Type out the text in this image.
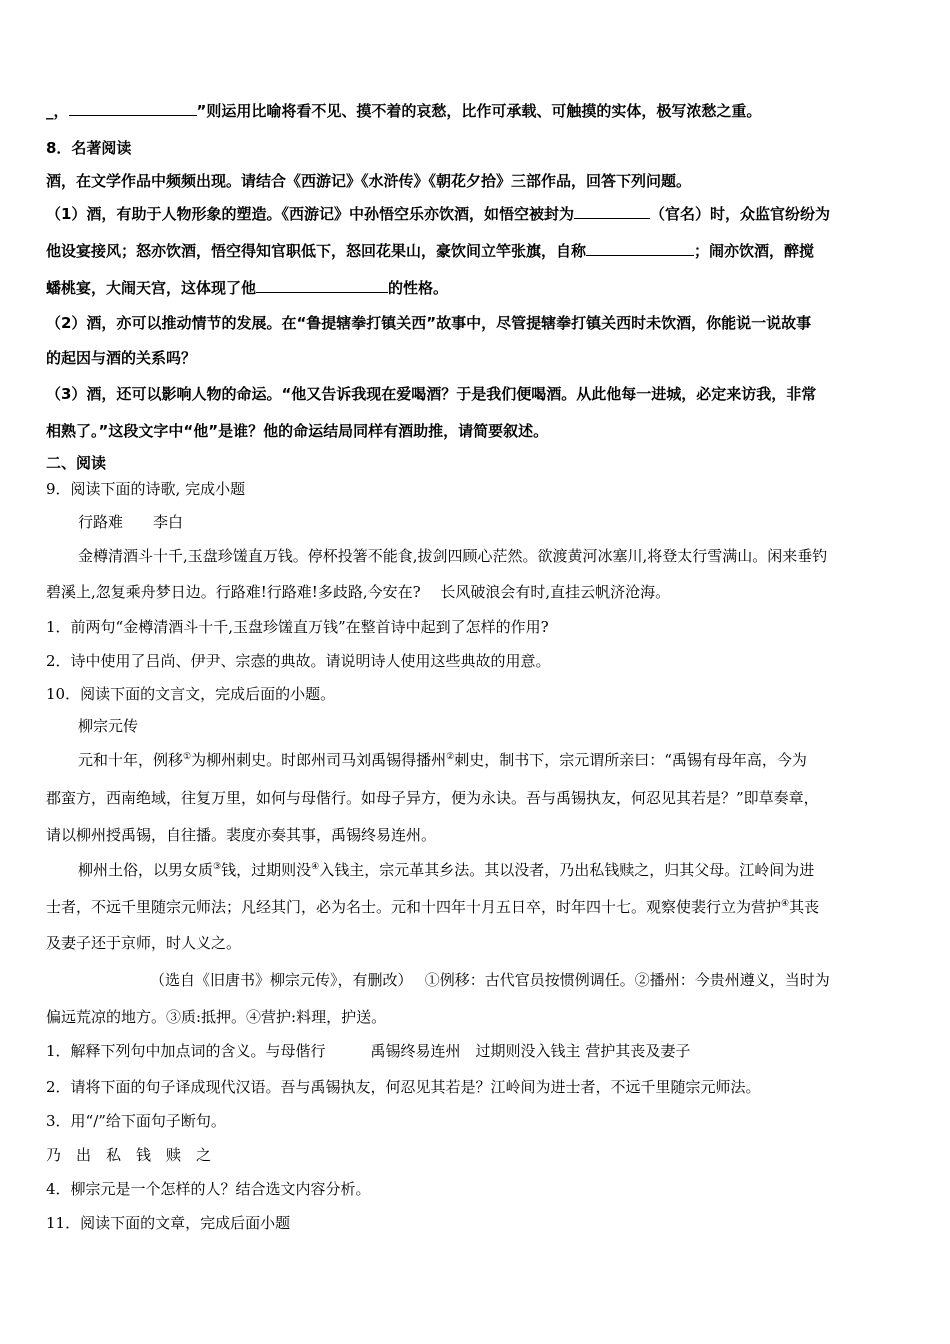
_，	”则运用比喻将看不见、摸不着的哀愁，比作可承载、可触摸的实体，极写浓愁之重。
8．名著阅读
酒，在文学作品中频频出现。请结合《西游记》《水浒传》《朝花夕拾》三部作品，回答下列问题。
（1）酒，有助于人物形象的塑造。《西游记》中孙悟空乐亦饮酒，如悟空被封为	（官名）时，众监官纷纷为
他设宴接风；怒亦饮酒，悟空得知官职低下，怒回花果山，豪饮间立竿张旗，自称	；闹亦饮酒，醉搅
蟠桃宴，大闹天宫，这体现了他	的性格。
（2）酒，亦可以推动情节的发展。在“鲁提辖拳打镇关西”故事中，尽管提辖拳打镇关西时未饮酒，你能说一说故事
的起因与酒的关系吗？
（3）酒，还可以影响人物的命运。“他又告诉我现在爱喝酒？于是我们便喝酒。从此他每一进城，必定来访我，非常
相熟了。”这段文字中“他”是谁？他的命运结局同样有酒助推，请简要叙述。
二、阅读
9．阅读下面的诗歌, 完成小题
行路难 李白
金樽清酒斗十千,玉盘珍馐直万钱。停杯投箸不能食,拔剑四顾心茫然。欲渡黄河冰塞川,将登太行雪满山。闲来垂钓
碧溪上,忽复乘舟梦日边。行路难!行路难!多歧路,今安在?　 长风破浪会有时,直挂云帆济沧海。
1．前两句“金樽清酒斗十千,玉盘珍馐直万钱”在整首诗中起到了怎样的作用?
2．诗中使用了吕尚、伊尹、宗悫的典故。请说明诗人使用这些典故的用意。
10．阅读下面的文言文，完成后面的小题。
柳宗元传
元和十年，例移①为柳州刺史。时郎州司马刘禹锡得播州②刺史，制书下，宗元谓所亲曰：“禹锡有母年高，今为
郡蛮方，西南绝域，往复万里，如何与母偕行。如母子异方，便为永诀。吾与禹锡执友，何忍见其若是？”即草奏章，
请以柳州授禹锡，自往播。裴度亦奏其事，禹锡终易连州。
柳州土俗，以男女质③钱，过期则没④入钱主，宗元革其乡法。其以没者，乃出私钱赎之，归其父母。江岭间为进
士者，不远千里随宗元师法；凡经其门，必为名士。元和十四年十月五日卒，时年四十七。观察使裴行立为营护④其丧
及妻子还于京师，时人义之。
（选自《旧唐书》柳宗元传》，有删改）　 ①例移：古代官员按惯例调任。②播州：今贵州遵义，当时为
偏远荒凉的地方。③质:抵押。④营护:料理，护送。
1．解释下列句中加点词的含义。与母偕行　　　禹锡终易连州　过期则没入钱主 营护其丧及妻子
2．请将下面的句子译成现代汉语。吾与禹锡执友，何忍见其若是？江岭间为进士者，不远千里随宗元师法。
3．用“/”给下面句子断句。
乃　出　私　钱　赎　之
4．柳宗元是一个怎样的人？结合选文内容分析。
11．阅读下面的文章，完成后面小题
